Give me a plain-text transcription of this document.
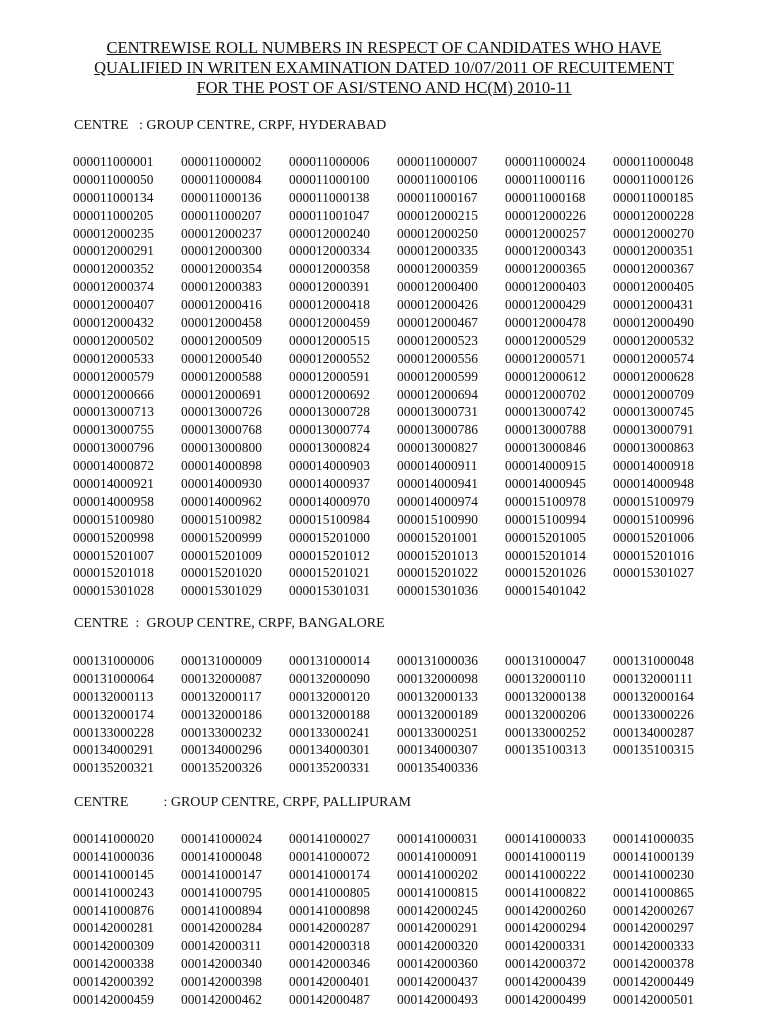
CENTREWISE ROLL NUMBERS IN RESPECT OF CANDIDATES WHO HAVE
QUALIFIED IN WRITEN EXAMINATION DATED 10/07/2011 OF RECUITEMENT
FOR THE POST OF ASI/STENO AND HC(M) 2010-11
CENTRE   : GROUP CENTRE, CRPF, HYDERABAD
000011000001	000011000002	000011000006	000011000007	000011000024	000011000048
000011000050	000011000084	000011000100	000011000106	000011000116	000011000126
000011000134	000011000136	000011000138	000011000167	000011000168	000011000185
000011000205	000011000207	000011001047	000012000215	000012000226	000012000228
000012000235	000012000237	000012000240	000012000250	000012000257	000012000270
000012000291	000012000300	000012000334	000012000335	000012000343	000012000351
000012000352	000012000354	000012000358	000012000359	000012000365	000012000367
000012000374	000012000383	000012000391	000012000400	000012000403	000012000405
000012000407	000012000416	000012000418	000012000426	000012000429	000012000431
000012000432	000012000458	000012000459	000012000467	000012000478	000012000490
000012000502	000012000509	000012000515	000012000523	000012000529	000012000532
000012000533	000012000540	000012000552	000012000556	000012000571	000012000574
000012000579	000012000588	000012000591	000012000599	000012000612	000012000628
000012000666	000012000691	000012000692	000012000694	000012000702	000012000709
000013000713	000013000726	000013000728	000013000731	000013000742	000013000745
000013000755	000013000768	000013000774	000013000786	000013000788	000013000791
000013000796	000013000800	000013000824	000013000827	000013000846	000013000863
000014000872	000014000898	000014000903	000014000911	000014000915	000014000918
000014000921	000014000930	000014000937	000014000941	000014000945	000014000948
000014000958	000014000962	000014000970	000014000974	000015100978	000015100979
000015100980	000015100982	000015100984	000015100990	000015100994	000015100996
000015200998	000015200999	000015201000	000015201001	000015201005	000015201006
000015201007	000015201009	000015201012	000015201013	000015201014	000015201016
000015201018	000015201020	000015201021	000015201022	000015201026	000015301027
000015301028	000015301029	000015301031	000015301036	000015401042
CENTRE  :  GROUP CENTRE, CRPF, BANGALORE
000131000006	000131000009	000131000014	000131000036	000131000047	000131000048
000131000064	000132000087	000132000090	000132000098	000132000110	000132000111
000132000113	000132000117	000132000120	000132000133	000132000138	000132000164
000132000174	000132000186	000132000188	000132000189	000132000206	000133000226
000133000228	000133000232	000133000241	000133000251	000133000252	000134000287
000134000291	000134000296	000134000301	000134000307	000135100313	000135100315
000135200321	000135200326	000135200331	000135400336
CENTRE          : GROUP CENTRE, CRPF, PALLIPURAM
000141000020	000141000024	000141000027	000141000031	000141000033	000141000035
000141000036	000141000048	000141000072	000141000091	000141000119	000141000139
000141000145	000141000147	000141000174	000141000202	000141000222	000141000230
000141000243	000141000795	000141000805	000141000815	000141000822	000141000865
000141000876	000141000894	000141000898	000142000245	000142000260	000142000267
000142000281	000142000284	000142000287	000142000291	000142000294	000142000297
000142000309	000142000311	000142000318	000142000320	000142000331	000142000333
000142000338	000142000340	000142000346	000142000360	000142000372	000142000378
000142000392	000142000398	000142000401	000142000437	000142000439	000142000449
000142000459	000142000462	000142000487	000142000493	000142000499	000142000501
